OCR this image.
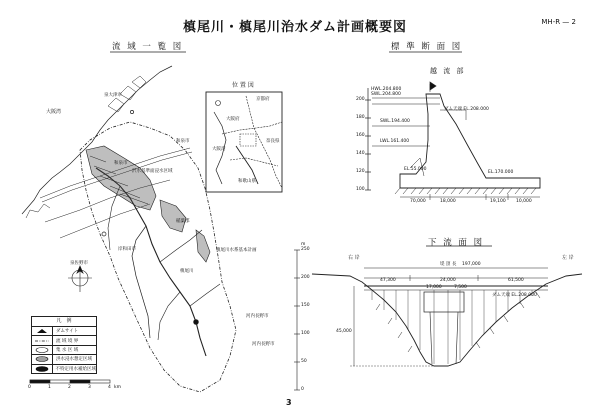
槙尾川・槙尾川治水ダム計画概要図	MH-R — 2
流 域 一 覧 図	標 準 断 面 図
越 流 部
下 流 面 図
大阪湾
泉大津市
和泉市
沢水基準面浸水区域
和泉市
岸和田市
稲葉郡
槙尾川水系基本計画
槙尾川
河内長野市
河内長野市
泉佐野市
位 置 図
京都府
大阪府
奈良県
和歌山県
大阪湾
凡　例
ダムサイト
流 域 境 界
集 水 区 域
洪水浸水想定区域
不特定用水補給区域
0	1	2	3	4 km
250
200
150
100
50
0
m
HWL.204.800
SWL.204.800
SWL.194.400
LWL.161.400
EL.170.000
EL.55.000
ダム天端 EL.208.000
18,000	19,100 10,000
70,000
200
180
160
140
120
100
右 岸	左 岸
堤 頂 長 197,000
47,300	24,000	61,500
17,000	7,500
ダム天端 EL.208.000
45,000
3
